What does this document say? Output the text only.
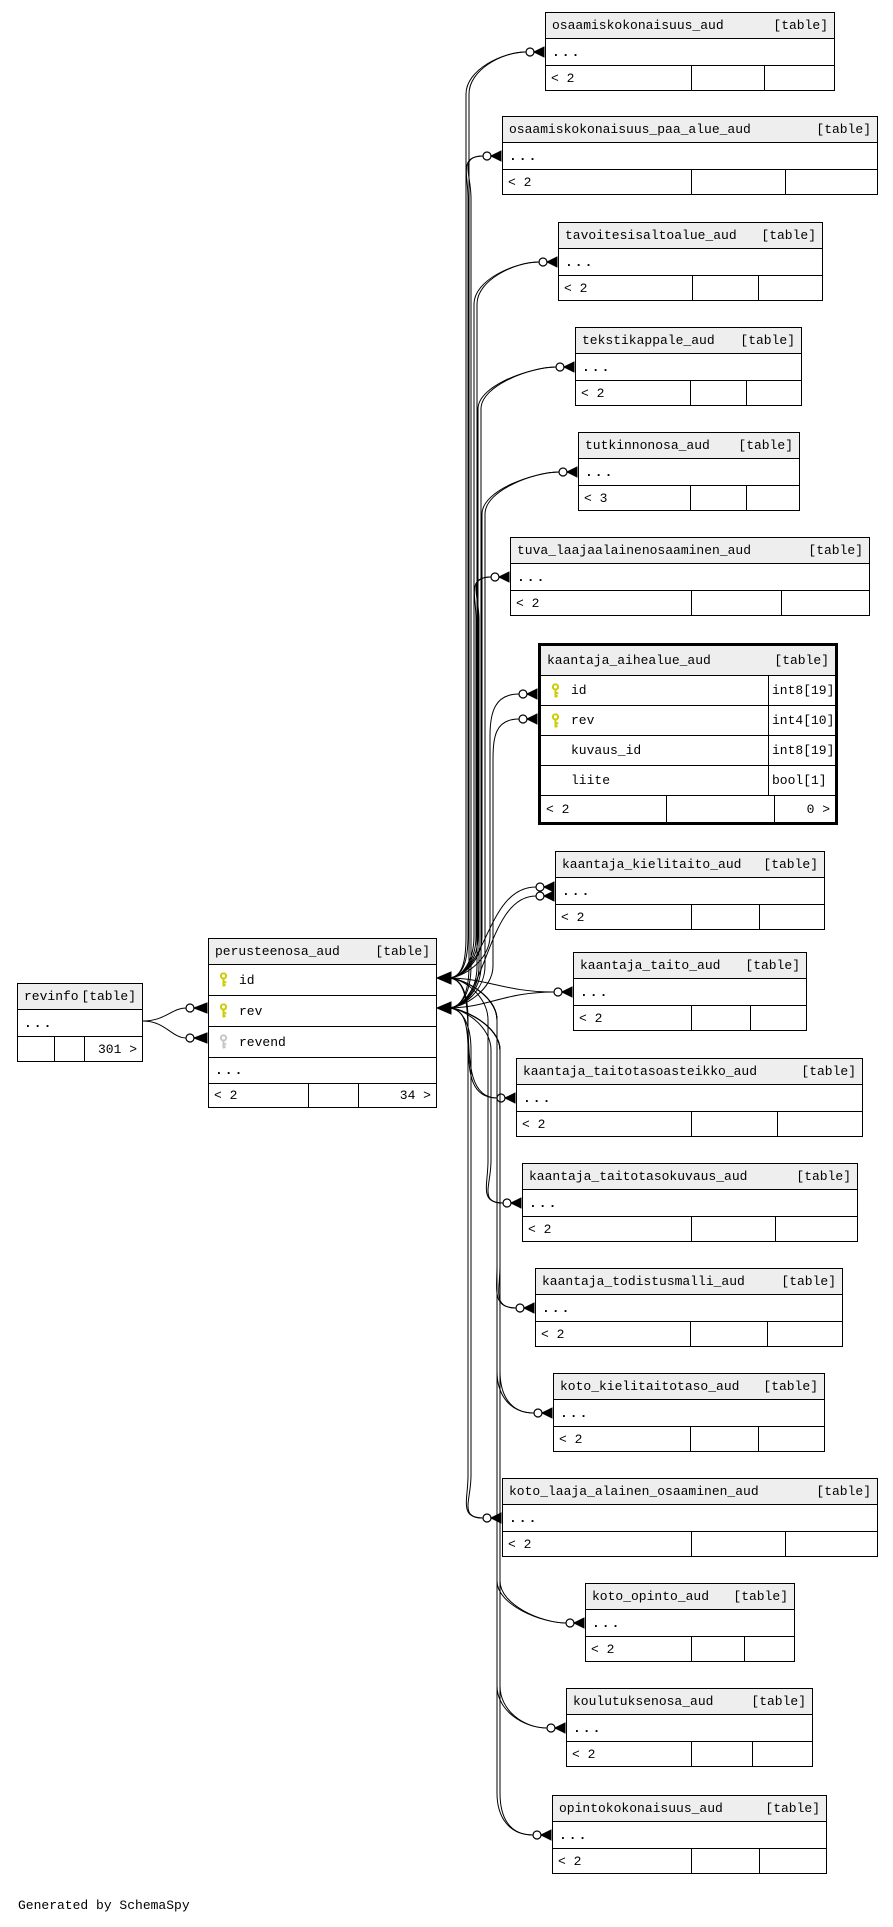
revinfo [table]
...
301 >
perusteenosa_aud	[table]
id
rev
revend
...
< 2	34 >
osaamiskokonaisuus_aud	[table]
...
< 2
osaamiskokonaisuus_paa_alue_aud	[table]
...
< 2
tavoitesisaltoalue_aud [table]
...
< 2
tekstikappale_aud [table]
...
< 2
tutkinnonosa_aud [table]
...
< 3
tuva_laajaalainenosaaminen_aud	[table]
...
< 2
kaantaja_aihealue_aud	[table]
id	int8[19]
rev	int4[10]
kuvaus_id	int8[19]
liite	bool[1]
< 2	0 >
kaantaja_kielitaito_aud [table]
...
< 2
kaantaja_taito_aud [table]
...
< 2
kaantaja_taitotasoasteikko_aud	[table]
...
< 2
kaantaja_taitotasokuvaus_aud	[table]
...
< 2
kaantaja_todistusmalli_aud	[table]
...
< 2
koto_kielitaitotaso_aud [table]
...
< 2
koto_laaja_alainen_osaaminen_aud	[table]
...
< 2
koto_opinto_aud [table]
...
< 2
koulutuksenosa_aud	[table]
...
< 2
opintokokonaisuus_aud	[table]
...
< 2
Generated by SchemaSpy
